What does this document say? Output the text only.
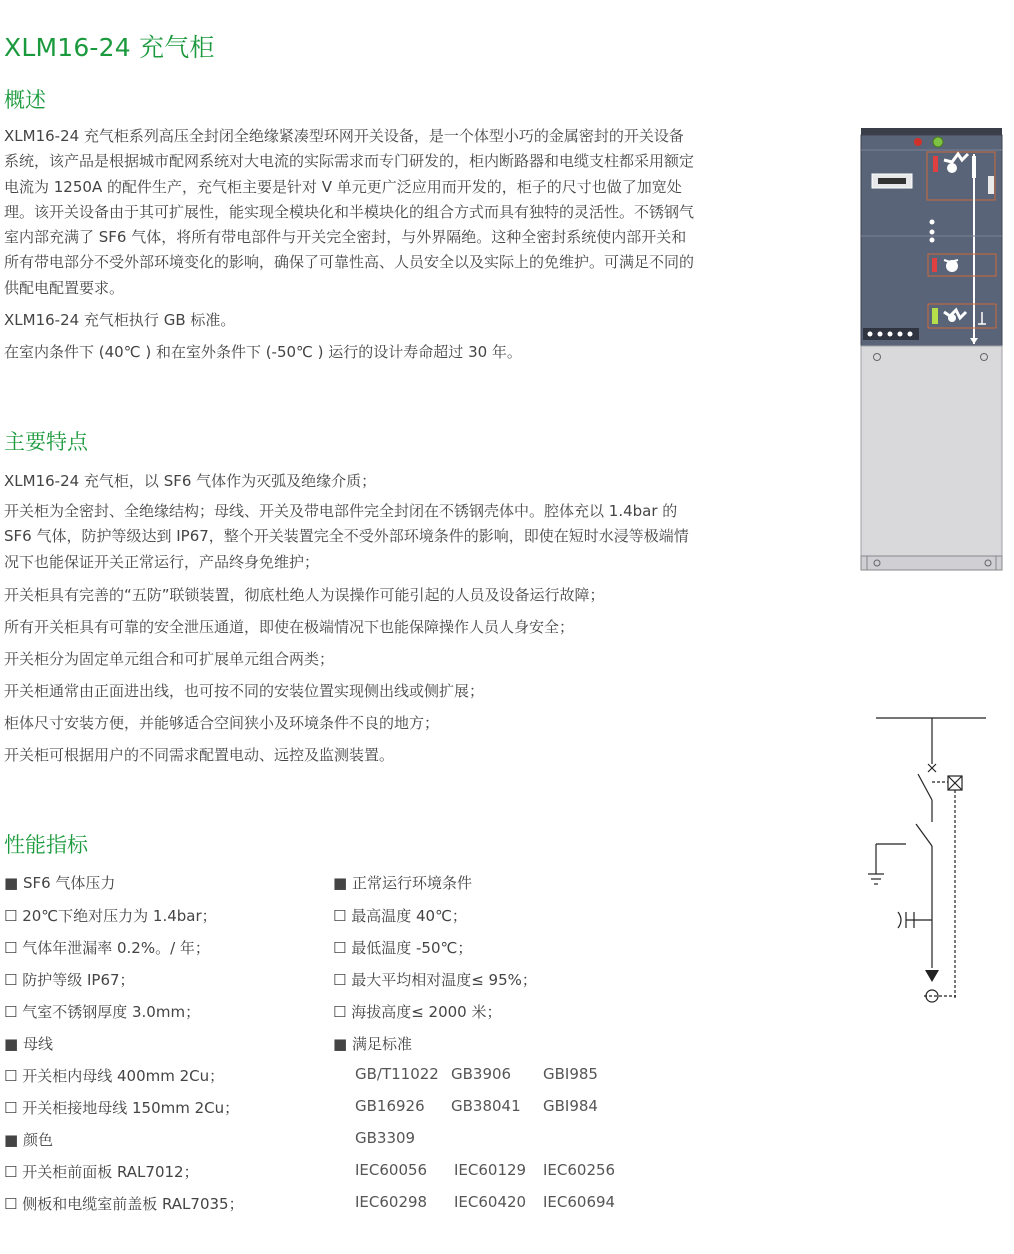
XLM16-24 充气柜
概述

XLM16-24 充气柜系列高压全封闭全绝缘紧凑型环网开关设备，是一个体型小巧的金属密封的开关设备系统，该产品是根据城市配网系统对大电流的实际需求而专门研发的，柜内断路器和电缆支柱都采用额定电流为 1250A 的配件生产，充气柜主要是针对 V 单元更广泛应用而开发的，柜子的尺寸也做了加宽处理。该开关设备由于其可扩展性，能实现全模块化和半模块化的组合方式而具有独特的灵活性。不锈钢气室内部充满了 SF6 气体，将所有带电部件与开关完全密封，与外界隔绝。这种全密封系统使内部开关和所有带电部分不受外部环境变化的影响，确保了可靠性高、人员安全以及实际上的免维护。可满足不同的供配电配置要求。

XLM16-24 充气柜执行 GB 标准。
在室内条件下 (40℃ ) 和在室外条件下 (-50℃ ) 运行的设计寿命超过 30 年。
主要特点
XLM16-24 充气柜，以 SF6 气体作为灭弧及绝缘介质；

开关柜为全密封、全绝缘结构；母线、开关及带电部件完全封闭在不锈钢壳体中。腔体充以 1.4bar 的 SF6 气体，防护等级达到 IP67，整个开关装置完全不受外部环境条件的影响，即使在短时水浸等极端情况下也能保证开关正常运行，产品终身免维护；

开关柜具有完善的“五防”联锁装置，彻底杜绝人为误操作可能引起的人员及设备运行故障；
所有开关柜具有可靠的安全泄压通道，即使在极端情况下也能保障操作人员人身安全；
开关柜分为固定单元组合和可扩展单元组合两类；
开关柜通常由正面进出线，也可按不同的安装位置实现侧出线或侧扩展；
柜体尺寸安装方便，并能够适合空间狭小及环境条件不良的地方；
开关柜可根据用户的不同需求配置电动、远控及监测装置。
性能指标
■ SF6 气体压力
☐ 20℃下绝对压力为 1.4bar；
☐ 气体年泄漏率 0.2%。/ 年；
☐ 防护等级 IP67；
☐ 气室不锈钢厚度 3.0mm；
■ 母线
☐ 开关柜内母线 400mm 2Cu；
☐ 开关柜接地母线 150mm 2Cu；
■ 颜色
☐ 开关柜前面板 RAL7012；
☐ 侧板和电缆室前盖板 RAL7035；
■ 正常运行环境条件
☐ 最高温度 40℃；
☐ 最低温度 -50℃；
☐ 最大平均相对温度≤ 95%；
☐ 海拔高度≤ 2000 米；
■ 满足标准
GB/T11022 GB3906 GBI985
GB16926 GB38041 GBI984
GB3309
IEC60056 IEC60129 IEC60256
IEC60298 IEC60420 IEC60694
